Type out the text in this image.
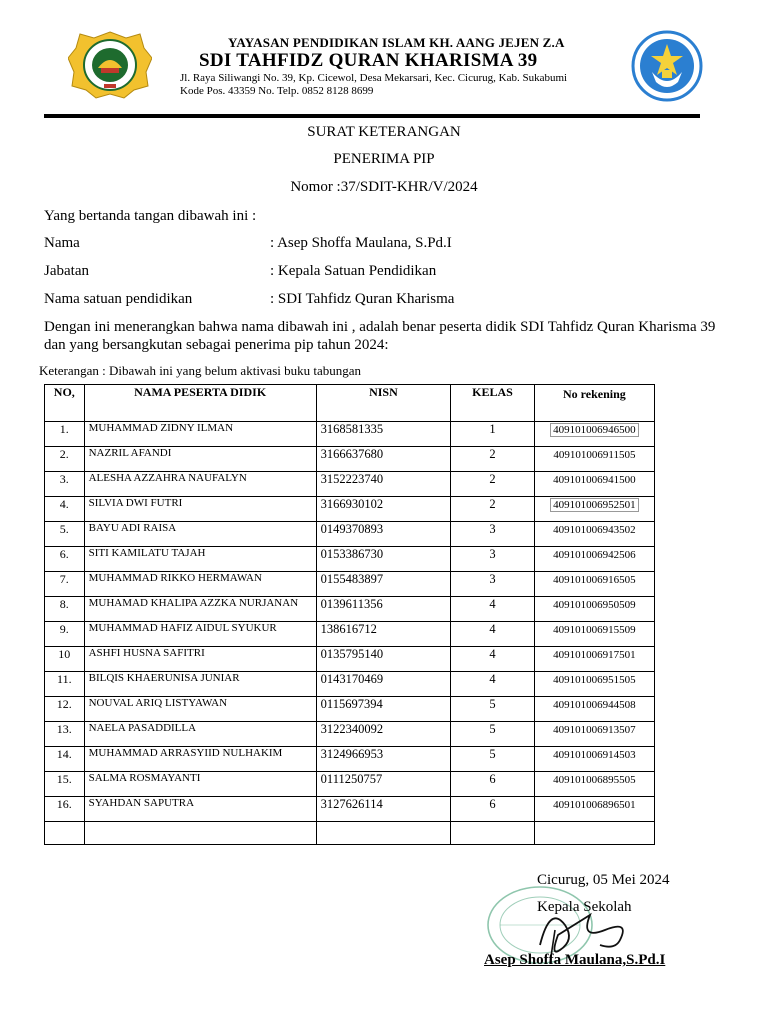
YAYASAN PENDIDIKAN ISLAM KH. AANG JEJEN Z.A
SDI TAHFIDZ QURAN KHARISMA 39
Jl. Raya Siliwangi No. 39, Kp. Cicewol, Desa Mekarsari, Kec. Cicurug, Kab. Sukabumi
Kode Pos. 43359 No. Telp. 0852 8128 8699
SURAT KETERANGAN
PENERIMA PIP
Nomor :37/SDIT-KHR/V/2024
Yang bertanda tangan dibawah ini :
Nama	: Asep Shoffa Maulana, S.Pd.I
Jabatan	: Kepala Satuan Pendidikan
Nama satuan pendidikan	: SDI Tahfidz Quran Kharisma
Dengan ini menerangkan bahwa nama dibawah ini , adalah benar peserta didik SDI Tahfidz Quran Kharisma 39 dan yang bersangkutan sebagai penerima pip tahun 2024:
Keterangan : Dibawah ini yang belum aktivasi buku tabungan
NO,	NAMA PESERTA DIDIK	NISN	KELAS	No rekening
1.	MUHAMMAD ZIDNY ILMAN	3168581335	1	409101006946500
2.	NAZRIL AFANDI	3166637680	2	409101006911505
3.	ALESHA AZZAHRA NAUFALYN	3152223740	2	409101006941500
4.	SILVIA DWI FUTRI	3166930102	2	409101006952501
5.	BAYU ADI RAISA	0149370893	3	409101006943502
6.	SITI KAMILATU TAJAH	0153386730	3	409101006942506
7.	MUHAMMAD RIKKO HERMAWAN	0155483897	3	409101006916505
8.	MUHAMAD KHALIPA AZZKA NURJANAN	0139611356	4	409101006950509
9.	MUHAMMAD HAFIZ AIDUL SYUKUR	138616712	4	409101006915509
10	ASHFI HUSNA SAFITRI	0135795140	4	409101006917501
11.	BILQIS KHAERUNISA JUNIAR	0143170469	4	409101006951505
12.	NOUVAL ARIQ LISTYAWAN	0115697394	5	409101006944508
13.	NAELA PASADDILLA	3122340092	5	409101006913507
14.	MUHAMMAD ARRASYIID NULHAKIM	3124966953	5	409101006914503
15.	SALMA ROSMAYANTI	0111250757	6	409101006895505
16.	SYAHDAN SAPUTRA	3127626114	6	409101006896501

Cicurug, 05 Mei 2024
Kepala Sekolah
Asep Shoffa Maulana,S.Pd.I
